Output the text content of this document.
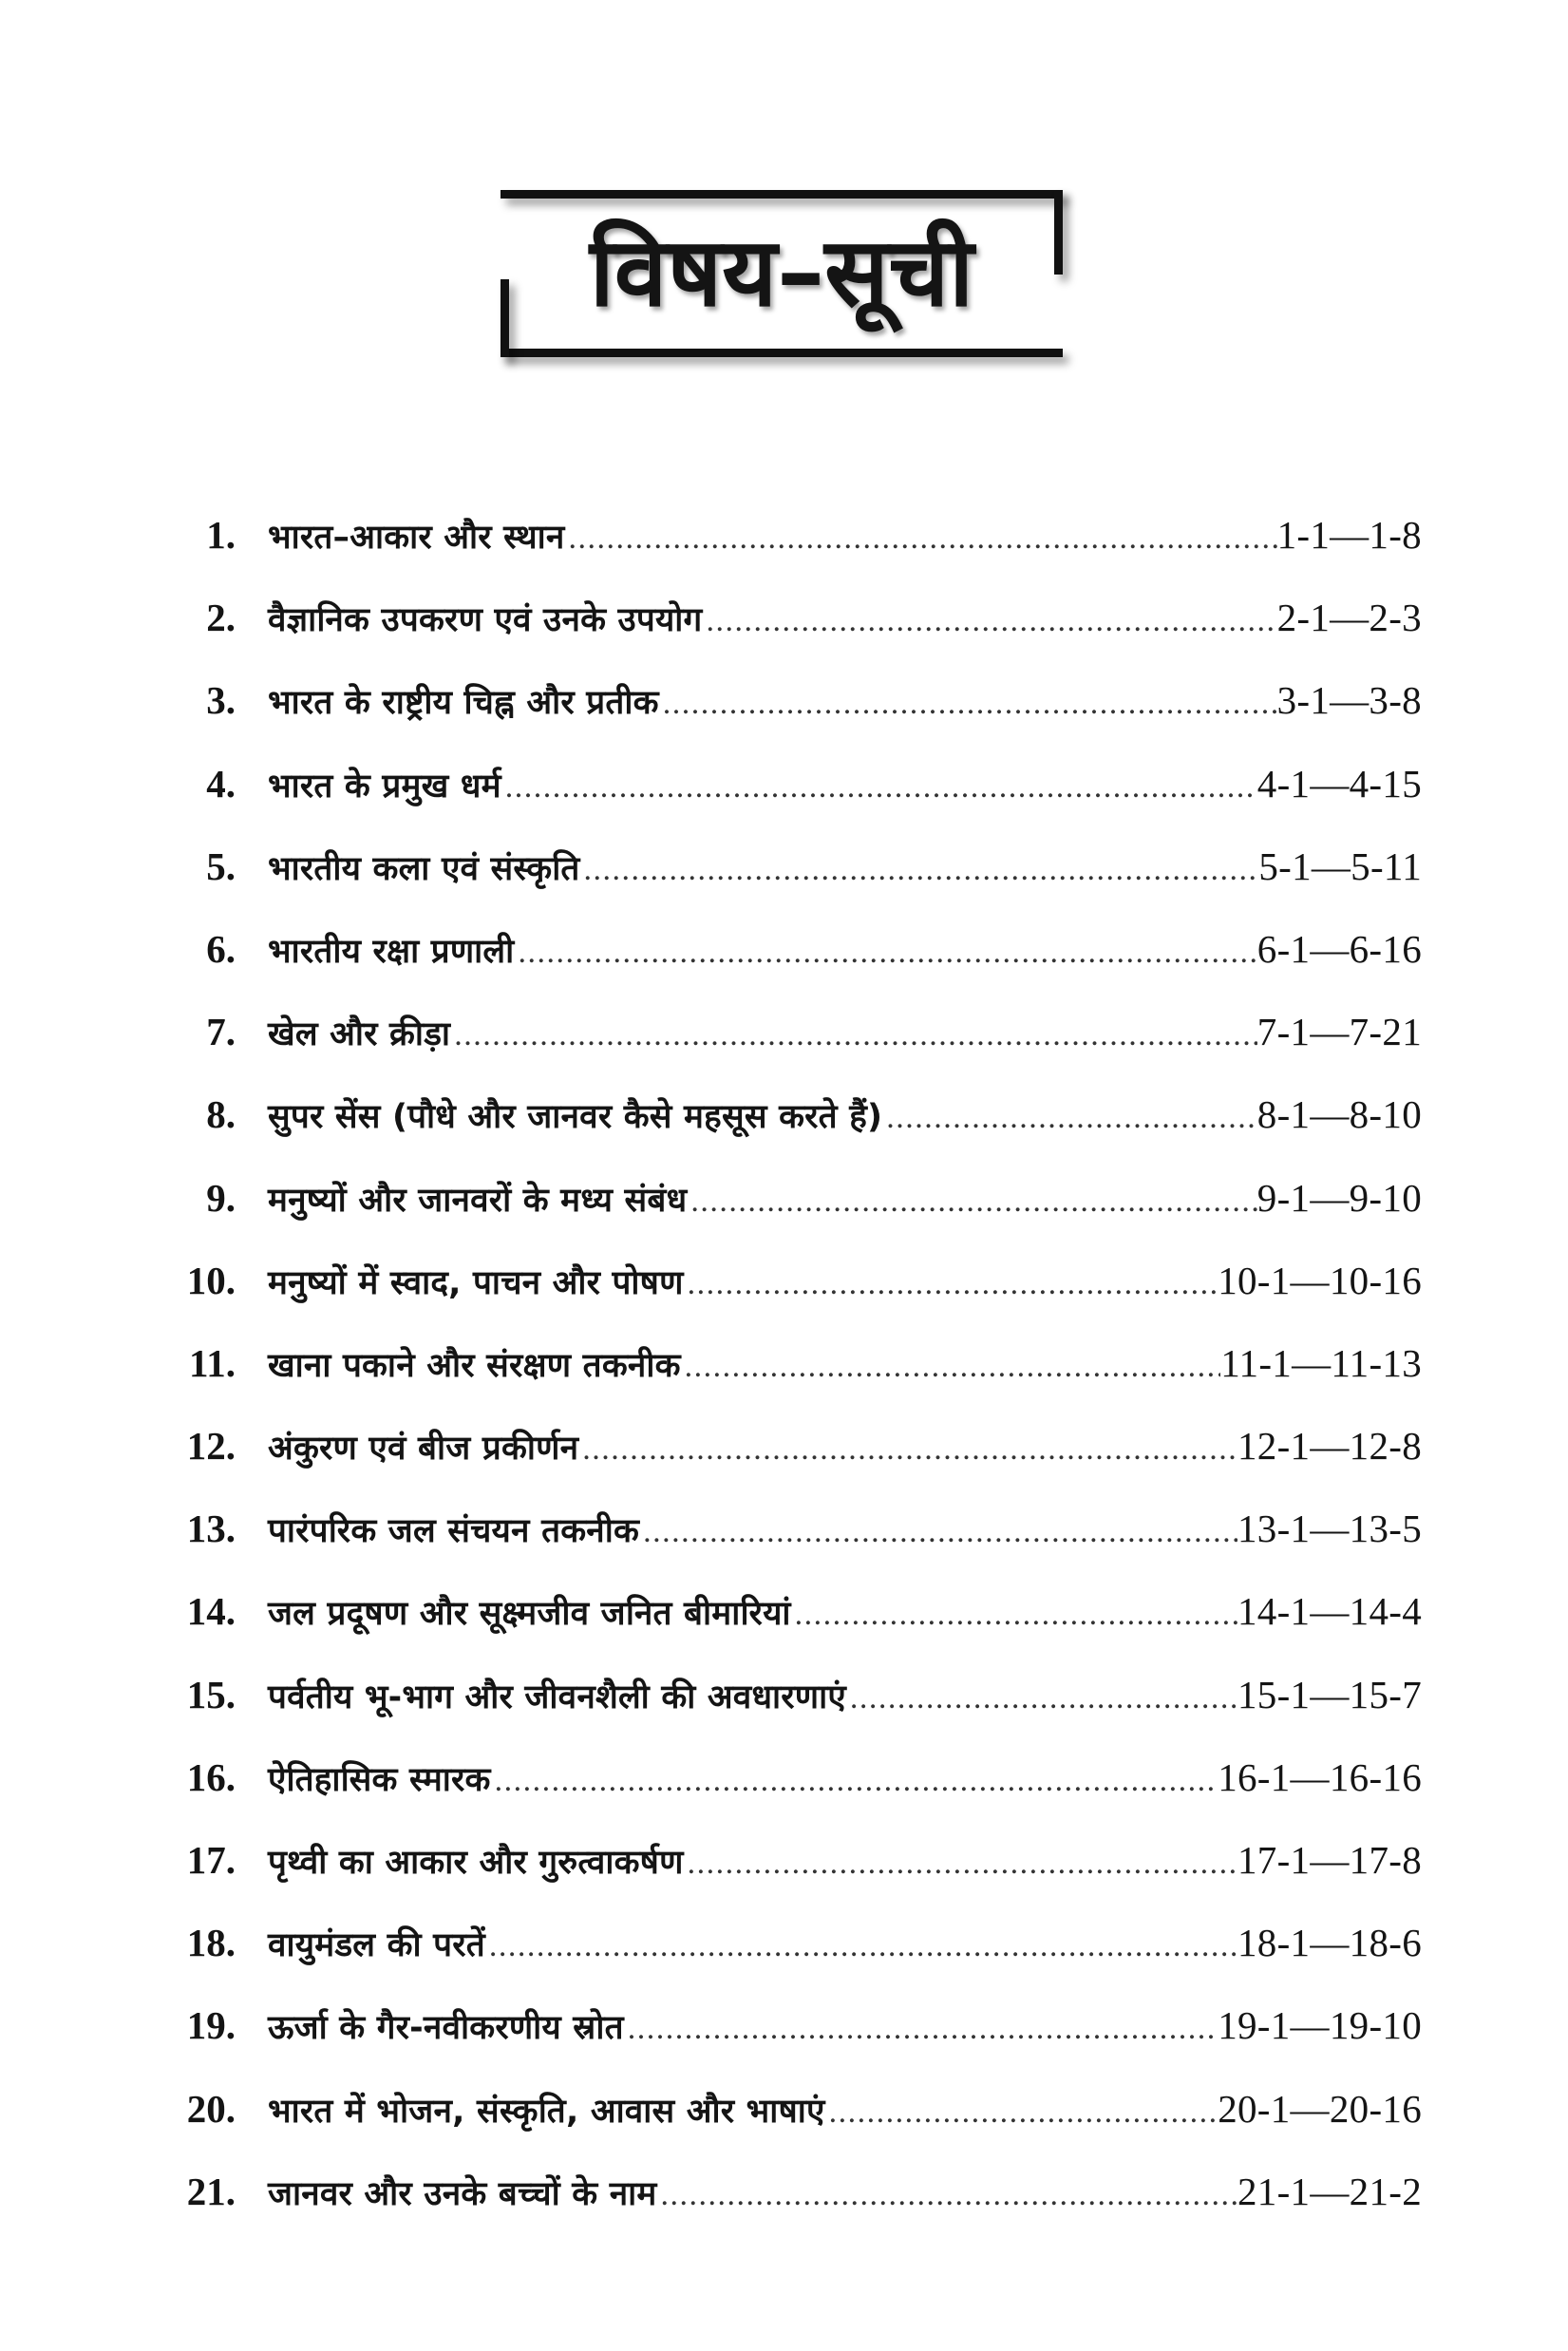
विषय–सूची
1. भारत–आकार और स्थान .....	1-1—1-8
2. वैज्ञानिक उपकरण एवं उनके उपयोग .....	2-1—2-3
3. भारत के राष्ट्रीय चिह्न और प्रतीक .....	3-1—3-8
4. भारत के प्रमुख धर्म .....	4-1—4-15
5. भारतीय कला एवं संस्कृति .....	5-1—5-11
6. भारतीय रक्षा प्रणाली .....	6-1—6-16
7. खेल और क्रीड़ा .....	7-1—7-21
8. सुपर सेंस (पौधे और जानवर कैसे महसूस करते हैं) .....	8-1—8-10
9. मनुष्यों और जानवरों के मध्य संबंध .....	9-1—9-10
10. मनुष्यों में स्वाद, पाचन और पोषण .....	10-1—10-16
11. खाना पकाने और संरक्षण तकनीक .....	11-1—11-13
12. अंकुरण एवं बीज प्रकीर्णन .....	12-1—12-8
13. पारंपरिक जल संचयन तकनीक .....	13-1—13-5
14. जल प्रदूषण और सूक्ष्मजीव जनित बीमारियां .....	14-1—14-4
15. पर्वतीय भू-भाग और जीवनशैली की अवधारणाएं .....	15-1—15-7
16. ऐतिहासिक स्मारक .....	16-1—16-16
17. पृथ्वी का आकार और गुरुत्वाकर्षण .....	17-1—17-8
18. वायुमंडल की परतें .....	18-1—18-6
19. ऊर्जा के गैर-नवीकरणीय स्रोत .....	19-1—19-10
20. भारत में भोजन, संस्कृति, आवास और भाषाएं .....	20-1—20-16
21. जानवर और उनके बच्चों के नाम .....	21-1—21-2
